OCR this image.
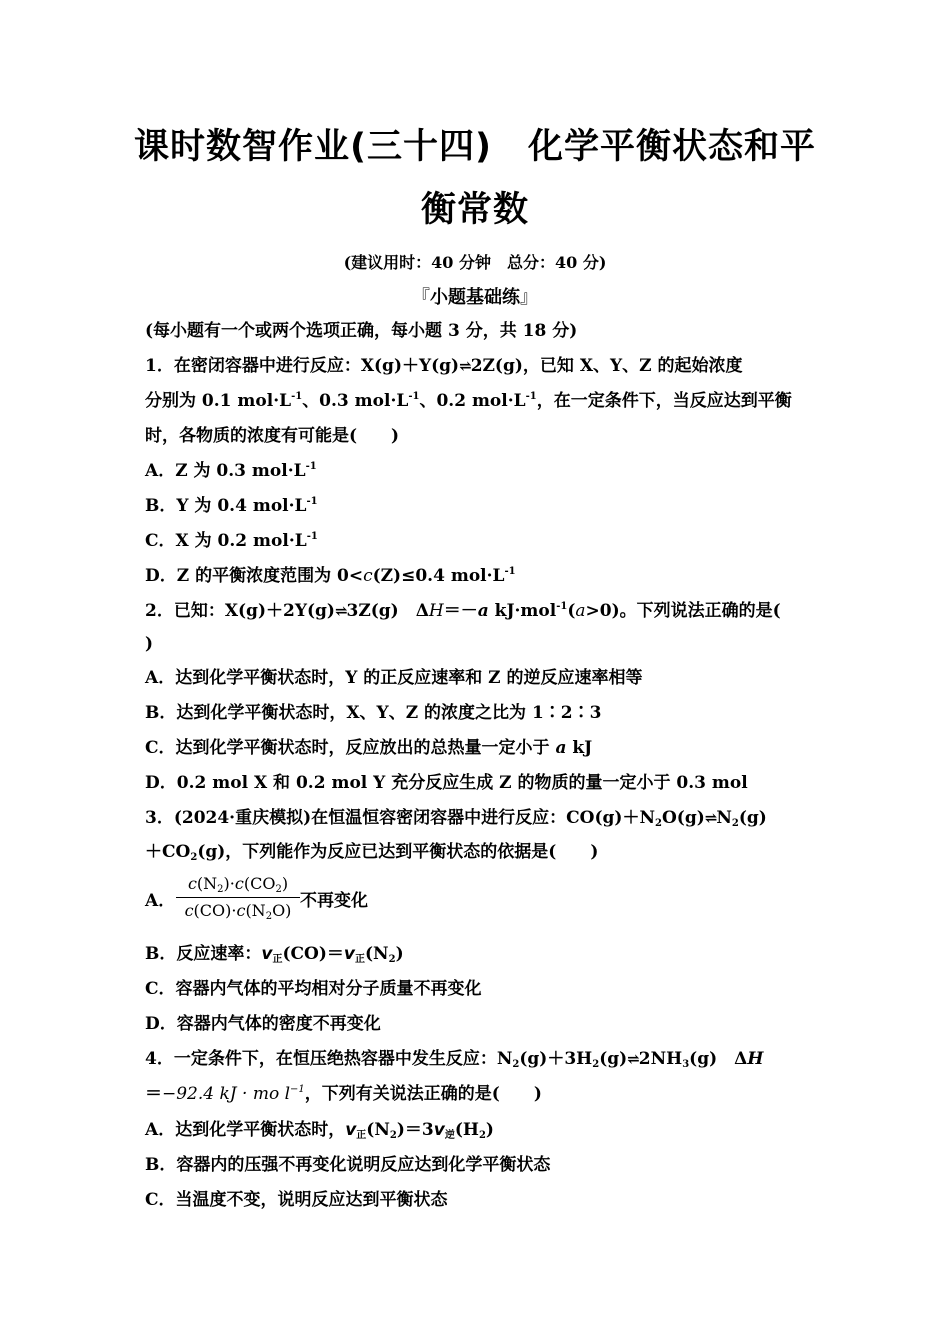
课时数智作业(三十四)　化学平衡状态和平
衡常数
(建议用时：40 分钟　总分：40 分)
『小题基础练』
(每小题有一个或两个选项正确，每小题 3 分，共 18 分)
1．在密闭容器中进行反应：X(g)＋Y(g)⇌2Z(g)，已知 X、Y、Z 的起始浓度
分别为 0.1 $mol\cdot L^{-1}$、0.3 $mol\cdot L^{-1}$、0.2 $mol\cdot L^{-1}$，在一定条件下，当反应达到平衡
时，各物质的浓度有可能是(　　)
A．Z 为 0.3 $mol\cdot L^{-1}$
B．Y 为 0.4 $mol\cdot L^{-1}$
C．X 为 0.2 $mol\cdot L^{-1}$
D．Z 的平衡浓度范围为 0<c(Z)≤0.4 $mol\cdot L^{-1}$
2．已知：X(g)＋2Y(g)⇌3Z(g)　ΔH＝－a kJ·mol$^{-1}$(a>0)。下列说法正确的是(
)
A．达到化学平衡状态时，Y 的正反应速率和 Z 的逆反应速率相等
B．达到化学平衡状态时，X、Y、Z 的浓度之比为 1∶2∶3
C．达到化学平衡状态时，反应放出的总热量一定小于 a kJ
D．0.2 mol X 和 0.2 mol Y 充分反应生成 Z 的物质的量一定小于 0.3 mol
3．(2024·重庆模拟)在恒温恒容密闭容器中进行反应：$CO(g)+N_2O(g)\rightleftharpoons N_2(g)$
$+CO_2(g)$，下列能作为反应已达到平衡状态的依据是(　　)
A．
$c(N_2)\cdot c(CO_2)$
$c(CO)\cdot c(N_2O)$ 不再变化
B．反应速率：$v_正(CO)=v_正(N_2)$
C．容器内气体的平均相对分子质量不再变化
D．容器内气体的密度不再变化
4．一定条件下，在恒压绝热容器中发生反应：$N_2(g)+3H_2(g)\rightleftharpoons 2NH_3(g)$　ΔH
＝−92.4 kJ · mo $l^{-1}$，下列有关说法正确的是(　　)
A．达到化学平衡状态时，$v_正(N_2)=3v_逆(H_2)$
B．容器内的压强不再变化说明反应达到化学平衡状态
C．当温度不变，说明反应达到平衡状态
